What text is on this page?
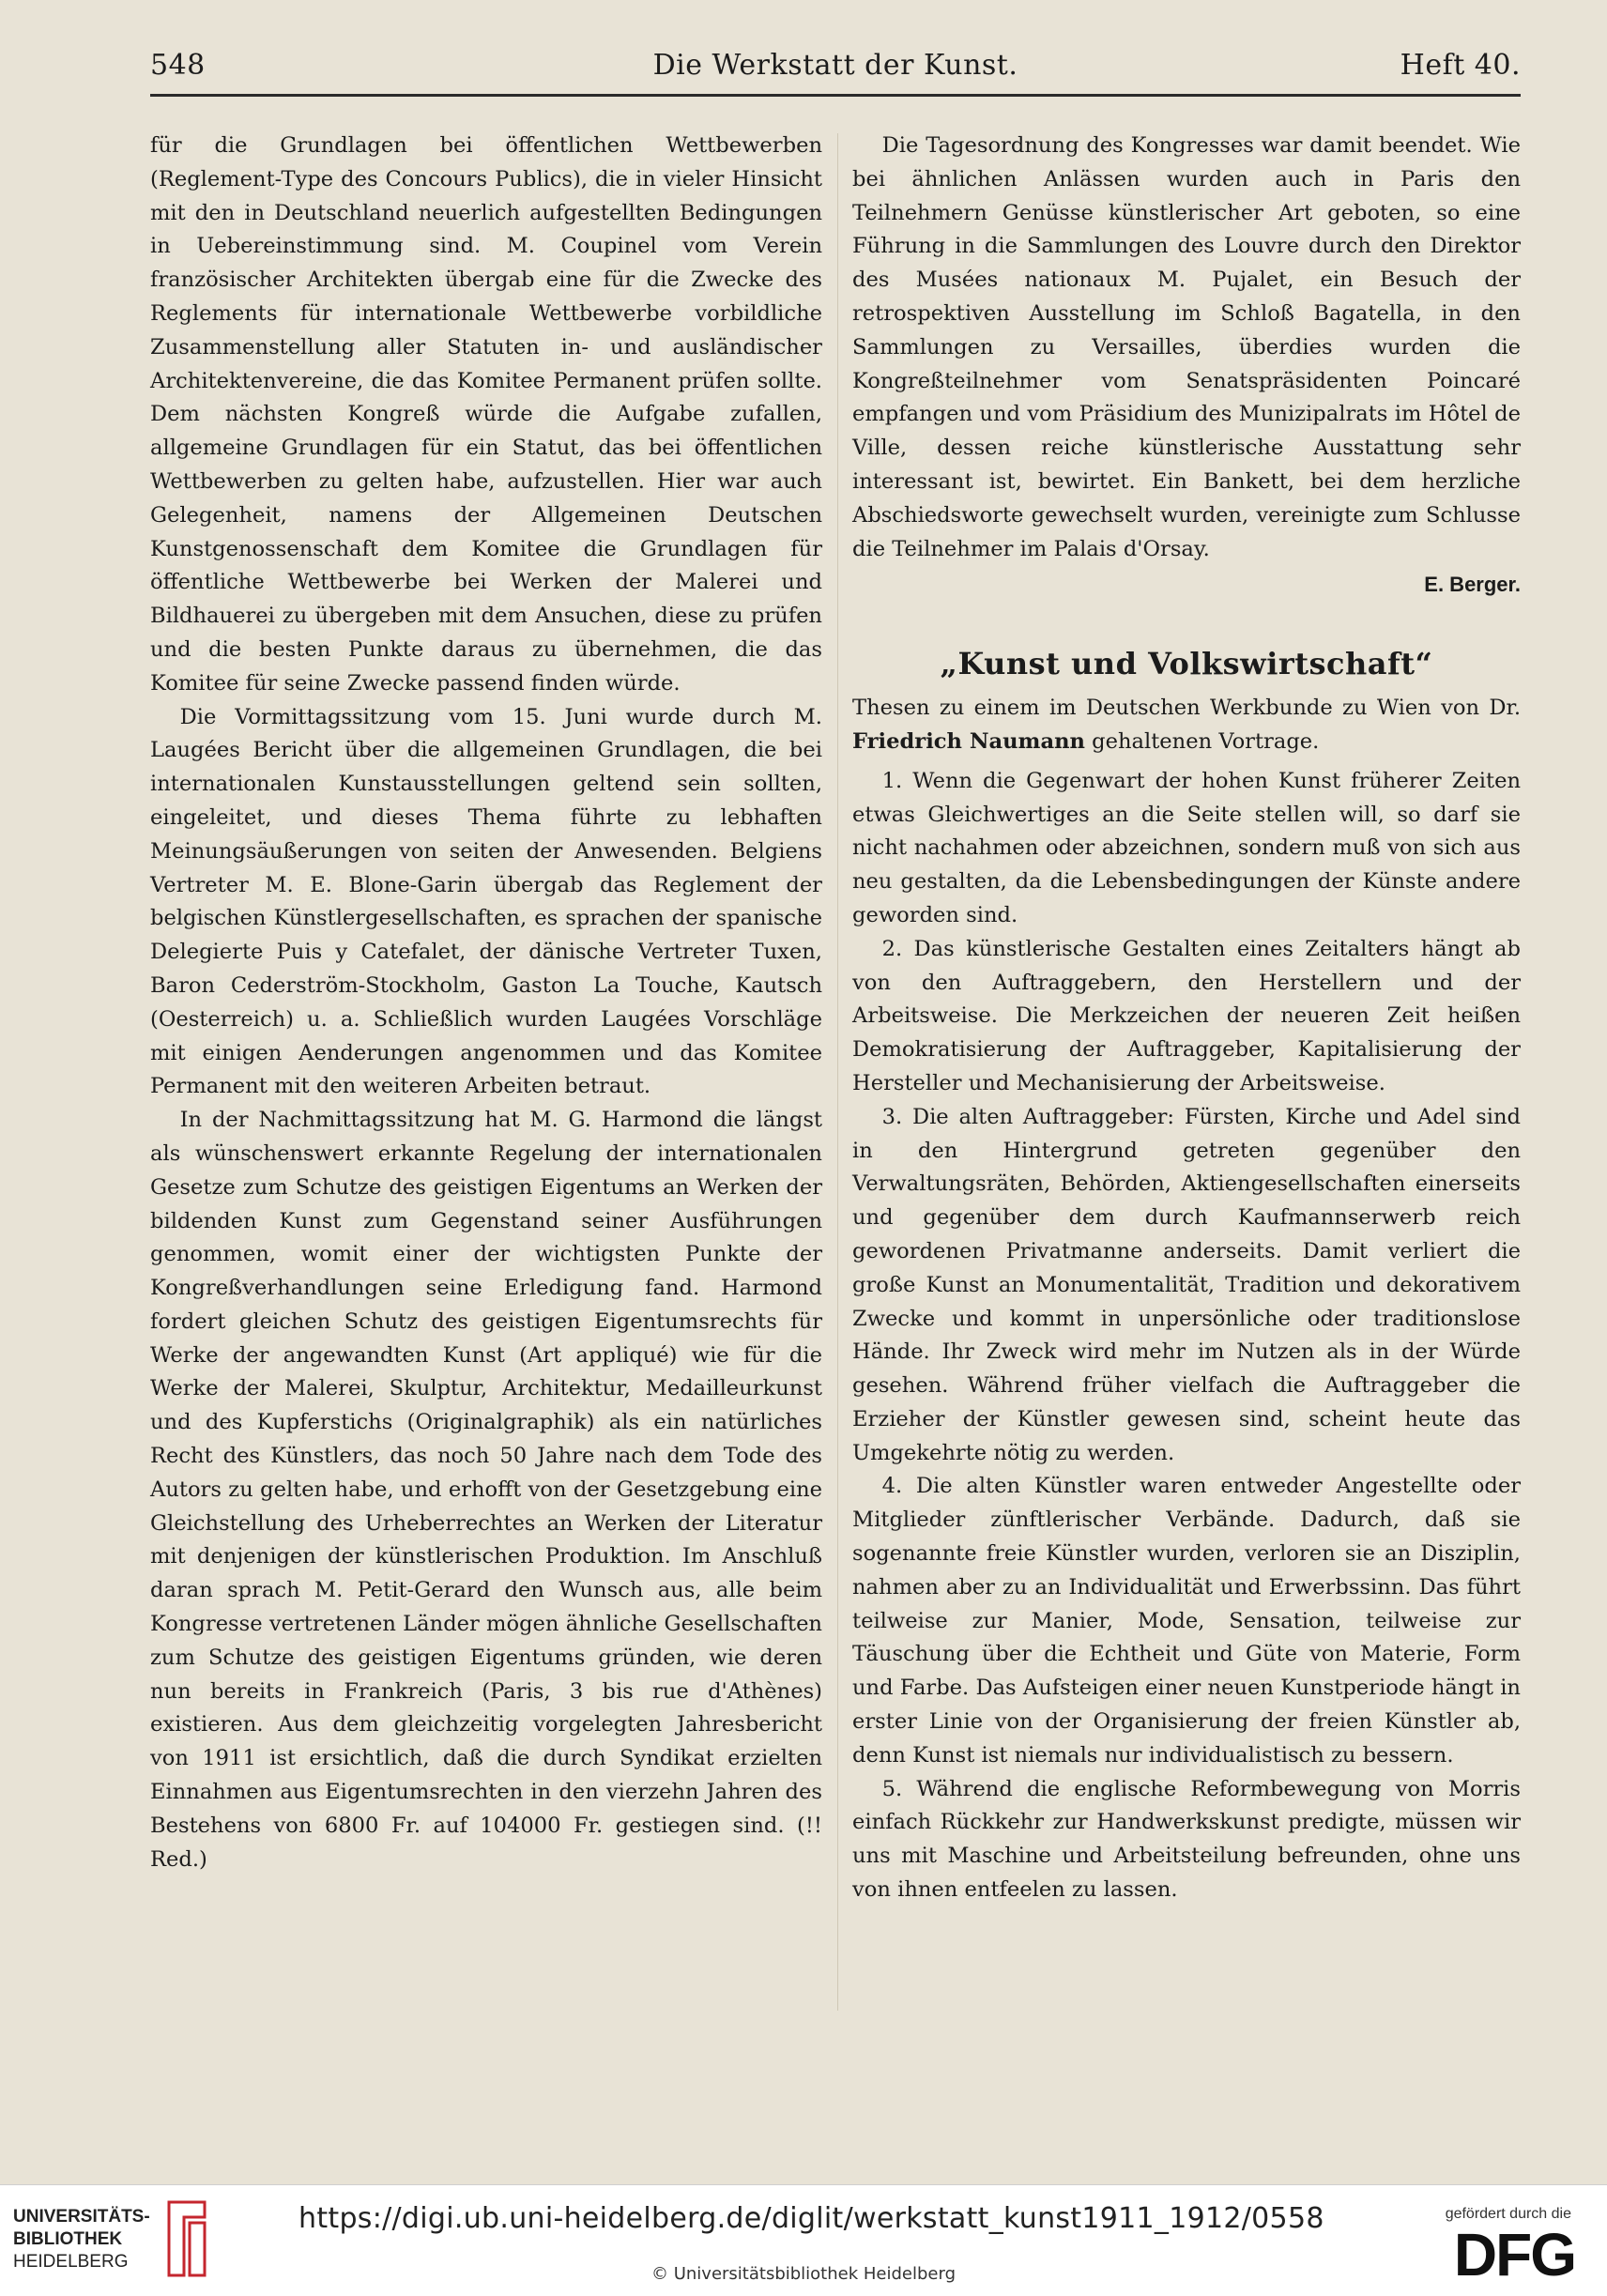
548	Die Werkstatt der Kunst.	Heft 40.

für die Grundlagen bei öffentlichen Wettbewerben (Reglement-Type des Concours Publics), die in vieler Hinsicht mit den in Deutschland neuerlich aufgestellten Bedingungen in Uebereinstimmung sind. M. Coupinel vom Verein französischer Architekten übergab eine für die Zwecke des Reglements für internationale Wettbewerbe vorbildliche Zusammenstellung aller Statuten in- und ausländischer Architektenvereine, die das Komitee Permanent prüfen sollte. Dem nächsten Kongreß würde die Aufgabe zufallen, allgemeine Grundlagen für ein Statut, das bei öffentlichen Wettbewerben zu gelten habe, aufzustellen. Hier war auch Gelegenheit, namens der Allgemeinen Deutschen Kunstgenossenschaft dem Komitee die Grundlagen für öffentliche Wettbewerbe bei Werken der Malerei und Bildhauerei zu übergeben mit dem Ansuchen, diese zu prüfen und die besten Punkte daraus zu übernehmen, die das Komitee für seine Zwecke passend finden würde.

Die Vormittagssitzung vom 15. Juni wurde durch M. Laugées Bericht über die allgemeinen Grundlagen, die bei internationalen Kunstausstellungen geltend sein sollten, eingeleitet, und dieses Thema führte zu lebhaften Meinungsäußerungen von seiten der Anwesenden. Belgiens Vertreter M. E. Blone-Garin übergab das Reglement der belgischen Künstlergesellschaften, es sprachen der spanische Delegierte Puis y Catefalet, der dänische Vertreter Tuxen, Baron Cederström-Stockholm, Gaston La Touche, Kautsch (Oesterreich) u. a. Schließlich wurden Laugées Vorschläge mit einigen Aenderungen angenommen und das Komitee Permanent mit den weiteren Arbeiten betraut.

In der Nachmittagssitzung hat M. G. Harmond die längst als wünschenswert erkannte Regelung der internationalen Gesetze zum Schutze des geistigen Eigentums an Werken der bildenden Kunst zum Gegenstand seiner Ausführungen genommen, womit einer der wichtigsten Punkte der Kongreßverhandlungen seine Erledigung fand. Harmond fordert gleichen Schutz des geistigen Eigentumsrechts für Werke der angewandten Kunst (Art appliqué) wie für die Werke der Malerei, Skulptur, Architektur, Medailleurkunst und des Kupferstichs (Originalgraphik) als ein natürliches Recht des Künstlers, das noch 50 Jahre nach dem Tode des Autors zu gelten habe, und erhofft von der Gesetzgebung eine Gleichstellung des Urheberrechtes an Werken der Literatur mit denjenigen der künstlerischen Produktion. Im Anschluß daran sprach M. Petit-Gerard den Wunsch aus, alle beim Kongresse vertretenen Länder mögen ähnliche Gesellschaften zum Schutze des geistigen Eigentums gründen, wie deren nun bereits in Frankreich (Paris, 3 bis rue d'Athènes) existieren. Aus dem gleichzeitig vorgelegten Jahresbericht von 1911 ist ersichtlich, daß die durch Syndikat erzielten Einnahmen aus Eigentumsrechten in den vierzehn Jahren des Bestehens von 6800 Fr. auf 104000 Fr. gestiegen sind. (!! Red.)

Die Tagesordnung des Kongresses war damit beendet. Wie bei ähnlichen Anlässen wurden auch in Paris den Teilnehmern Genüsse künstlerischer Art geboten, so eine Führung in die Sammlungen des Louvre durch den Direktor des Musées nationaux M. Pujalet, ein Besuch der retrospektiven Ausstellung im Schloß Bagatella, in den Sammlungen zu Versailles, überdies wurden die Kongreßteilnehmer vom Senatspräsidenten Poincaré empfangen und vom Präsidium des Munizipalrats im Hôtel de Ville, dessen reiche künstlerische Ausstattung sehr interessant ist, bewirtet. Ein Bankett, bei dem herzliche Abschiedsworte gewechselt wurden, vereinigte zum Schlusse die Teilnehmer im Palais d'Orsay.

E. Berger.
„Kunst und Volkswirtschaft“
Thesen zu einem im Deutschen Werkbunde zu Wien von Dr. Friedrich Naumann gehaltenen Vortrage.

1. Wenn die Gegenwart der hohen Kunst früherer Zeiten etwas Gleichwertiges an die Seite stellen will, so darf sie nicht nachahmen oder abzeichnen, sondern muß von sich aus neu gestalten, da die Lebensbedingungen der Künste andere geworden sind.

2. Das künstlerische Gestalten eines Zeitalters hängt ab von den Auftraggebern, den Herstellern und der Arbeitsweise. Die Merkzeichen der neueren Zeit heißen Demokratisierung der Auftraggeber, Kapitalisierung der Hersteller und Mechanisierung der Arbeitsweise.

3. Die alten Auftraggeber: Fürsten, Kirche und Adel sind in den Hintergrund getreten gegenüber den Verwaltungsräten, Behörden, Aktiengesellschaften einerseits und gegenüber dem durch Kaufmannserwerb reich gewordenen Privatmanne anderseits. Damit verliert die große Kunst an Monumentalität, Tradition und dekorativem Zwecke und kommt in unpersönliche oder traditionslose Hände. Ihr Zweck wird mehr im Nutzen als in der Würde gesehen. Während früher vielfach die Auftraggeber die Erzieher der Künstler gewesen sind, scheint heute das Umgekehrte nötig zu werden.

4. Die alten Künstler waren entweder Angestellte oder Mitglieder zünftlerischer Verbände. Dadurch, daß sie sogenannte freie Künstler wurden, verloren sie an Disziplin, nahmen aber zu an Individualität und Erwerbssinn. Das führt teilweise zur Manier, Mode, Sensation, teilweise zur Täuschung über die Echtheit und Güte von Materie, Form und Farbe. Das Aufsteigen einer neuen Kunstperiode hängt in erster Linie von der Organisierung der freien Künstler ab, denn Kunst ist niemals nur individualistisch zu bessern.

5. Während die englische Reformbewegung von Morris einfach Rückkehr zur Handwerkskunst predigte, müssen wir uns mit Maschine und Arbeitsteilung befreunden, ohne uns von ihnen entfeelen zu lassen.

UNIVERSITÄTS-
BIBLIOTHEK
HEIDELBERG
https://digi.ub.uni-heidelberg.de/diglit/werkstatt_kunst1911_1912/0558
© Universitätsbibliothek Heidelberg
gefördert durch die
DFG
